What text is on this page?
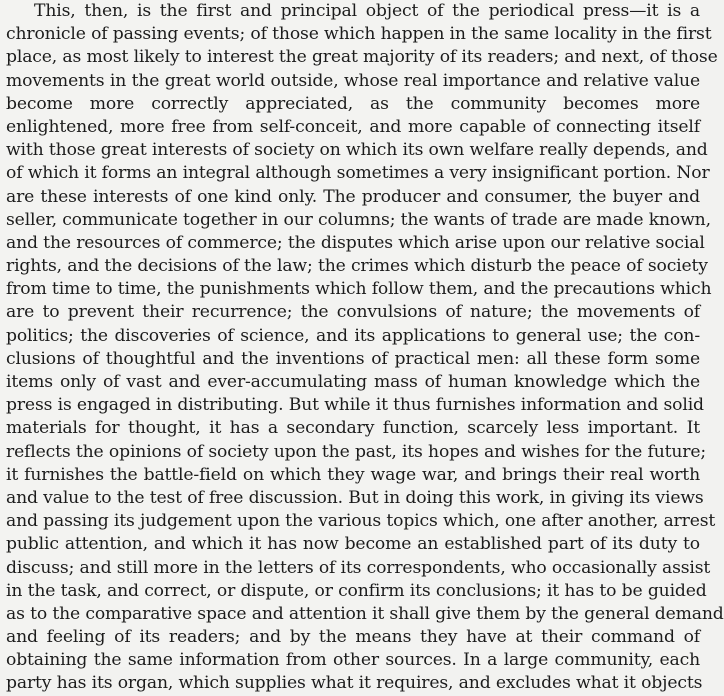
This, then, is the first and principal object of the periodical press—it is a
chronicle of passing events; of those which happen in the same locality in the first
place, as most likely to interest the great majority of its readers; and next, of those
movements in the great world outside, whose real importance and relative value
become more correctly appreciated, as the community becomes more
enlightened, more free from self-conceit, and more capable of connecting itself
with those great interests of society on which its own welfare really depends, and
of which it forms an integral although sometimes a very insignificant portion. Nor
are these interests of one kind only. The producer and consumer, the buyer and
seller, communicate together in our columns; the wants of trade are made known,
and the resources of commerce; the disputes which arise upon our relative social
rights, and the decisions of the law; the crimes which disturb the peace of society
from time to time, the punishments which follow them, and the precautions which
are to prevent their recurrence; the convulsions of nature; the movements of
politics; the discoveries of science, and its applications to general use; the con-
clusions of thoughtful and the inventions of practical men: all these form some
items only of vast and ever-accumulating mass of human knowledge which the
press is engaged in distributing. But while it thus furnishes information and solid
materials for thought, it has a secondary function, scarcely less important. It
reflects the opinions of society upon the past, its hopes and wishes for the future;
it furnishes the battle-field on which they wage war, and brings their real worth
and value to the test of free discussion. But in doing this work, in giving its views
and passing its judgement upon the various topics which, one after another, arrest
public attention, and which it has now become an established part of its duty to
discuss; and still more in the letters of its correspondents, who occasionally assist
in the task, and correct, or dispute, or confirm its conclusions; it has to be guided
as to the comparative space and attention it shall give them by the general demand
and feeling of its readers; and by the means they have at their command of
obtaining the same information from other sources. In a large community, each
party has its organ, which supplies what it requires, and excludes what it objects
